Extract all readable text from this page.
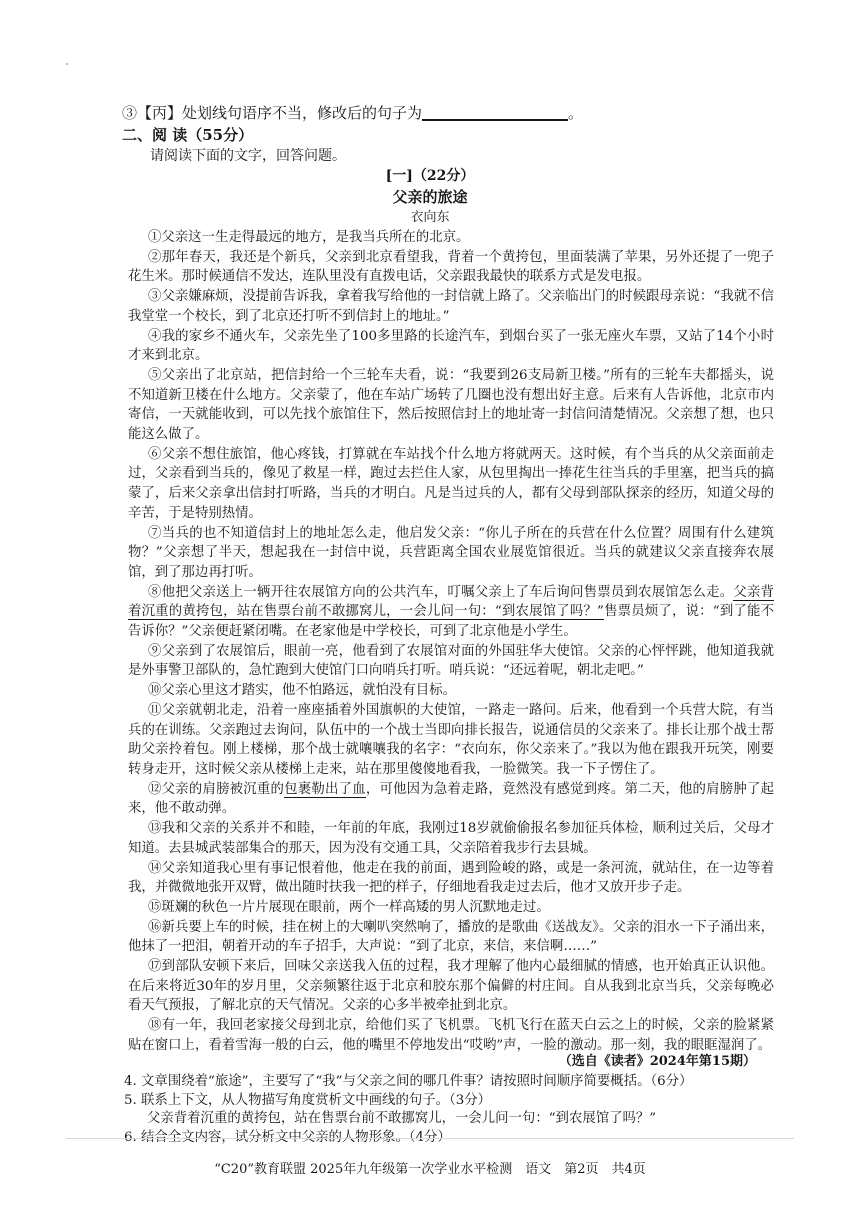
③【丙】处划线句语序不当，修改后的句子为	。
二、阅 读（55分）
请阅读下面的文字，回答问题。
[一]（22分）
父亲的旅途
衣向东

①父亲这一生走得最远的地方，是我当兵所在的北京。

②那年春天，我还是个新兵，父亲到北京看望我，背着一个黄挎包，里面装满了苹果，另外还提了一兜子花生米。那时候通信不发达，连队里没有直拨电话，父亲跟我最快的联系方式是发电报。

③父亲嫌麻烦，没提前告诉我，拿着我写给他的一封信就上路了。父亲临出门的时候跟母亲说：“我就不信我堂堂一个校长，到了北京还打听不到信封上的地址。”

④我的家乡不通火车，父亲先坐了100多里路的长途汽车，到烟台买了一张无座火车票，又站了14个小时才来到北京。

⑤父亲出了北京站，把信封给一个三轮车夫看，说：“我要到26支局新卫楼。”所有的三轮车夫都摇头，说不知道新卫楼在什么地方。父亲蒙了，他在车站广场转了几圈也没有想出好主意。后来有人告诉他，北京市内寄信，一天就能收到，可以先找个旅馆住下，然后按照信封上的地址寄一封信问清楚情况。父亲想了想，也只能这么做了。

⑥父亲不想住旅馆，他心疼钱，打算就在车站找个什么地方将就两天。这时候，有个当兵的从父亲面前走过，父亲看到当兵的，像见了救星一样，跑过去拦住人家，从包里掏出一捧花生往当兵的手里塞，把当兵的搞蒙了，后来父亲拿出信封打听路，当兵的才明白。凡是当过兵的人，都有父母到部队探亲的经历，知道父母的辛苦，于是特别热情。

⑦当兵的也不知道信封上的地址怎么走，他启发父亲：“你儿子所在的兵营在什么位置？周围有什么建筑物？”父亲想了半天，想起我在一封信中说，兵营距离全国农业展览馆很近。当兵的就建议父亲直接奔农展馆，到了那边再打听。

⑧他把父亲送上一辆开往农展馆方向的公共汽车，叮嘱父亲上了车后询问售票员到农展馆怎么走。父亲背着沉重的黄挎包，站在售票台前不敢挪窝儿，一会儿问一句：“到农展馆了吗？”售票员烦了，说：“到了能不告诉你？”父亲便赶紧闭嘴。在老家他是中学校长，可到了北京他是小学生。

⑨父亲到了农展馆后，眼前一亮，他看到了农展馆对面的外国驻华大使馆。父亲的心怦怦跳，他知道我就是外事警卫部队的，急忙跑到大使馆门口向哨兵打听。哨兵说：“还远着呢，朝北走吧。”

⑩父亲心里这才踏实，他不怕路远，就怕没有目标。

⑪父亲就朝北走，沿着一座座插着外国旗帜的大使馆，一路走一路问。后来，他看到一个兵营大院，有当兵的在训练。父亲跑过去询问，队伍中的一个战士当即向排长报告，说通信员的父亲来了。排长让那个战士帮助父亲拎着包。刚上楼梯，那个战士就嚷嚷我的名字：“衣向东，你父亲来了。”我以为他在跟我开玩笑，刚要转身走开，这时候父亲从楼梯上走来，站在那里傻傻地看我，一脸微笑。我一下子愣住了。

⑫父亲的肩膀被沉重的包裹勒出了血，可他因为急着走路，竟然没有感觉到疼。第二天，他的肩膀肿了起来，他不敢动弹。

⑬我和父亲的关系并不和睦，一年前的年底，我刚过18岁就偷偷报名参加征兵体检，顺利过关后，父母才知道。去县城武装部集合的那天，因为没有交通工具，父亲陪着我步行去县城。

⑭父亲知道我心里有事记恨着他，他走在我的前面，遇到险峻的路，或是一条河流，就站住，在一边等着我，并微微地张开双臂，做出随时扶我一把的样子，仔细地看我走过去后，他才又放开步子走。

⑮斑斓的秋色一片片展现在眼前，两个一样高矮的男人沉默地走过。

⑯新兵要上车的时候，挂在树上的大喇叭突然响了，播放的是歌曲《送战友》。父亲的泪水一下子涌出来，他抹了一把泪，朝着开动的车子招手，大声说：“到了北京，来信，来信啊……”

⑰到部队安顿下来后，回味父亲送我入伍的过程，我才理解了他内心最细腻的情感，也开始真正认识他。在后来将近30年的岁月里，父亲频繁往返于北京和胶东那个偏僻的村庄间。自从我到北京当兵，父亲每晚必看天气预报，了解北京的天气情况。父亲的心多半被牵扯到北京。

⑱有一年，我回老家接父母到北京，给他们买了飞机票。飞机飞行在蓝天白云之上的时候，父亲的脸紧紧贴在窗口上，看着雪海一般的白云，他的嘴里不停地发出“哎哟”声，一脸的激动。那一刻，我的眼眶湿润了。

（选自《读者》2024年第15期）

4. 文章围绕着“旅途”，主要写了“我”与父亲之间的哪几件事？请按照时间顺序简要概括。（6分）

5. 联系上下文，从人物描写角度赏析文中画线的句子。（3分）

父亲背着沉重的黄挎包，站在售票台前不敢挪窝儿，一会儿问一句：“到农展馆了吗？”

6. 结合全文内容，试分析文中父亲的人物形象。（4分）

“C20”教育联盟 2025年九年级第一次学业水平检测　语文　第2页　共4页
